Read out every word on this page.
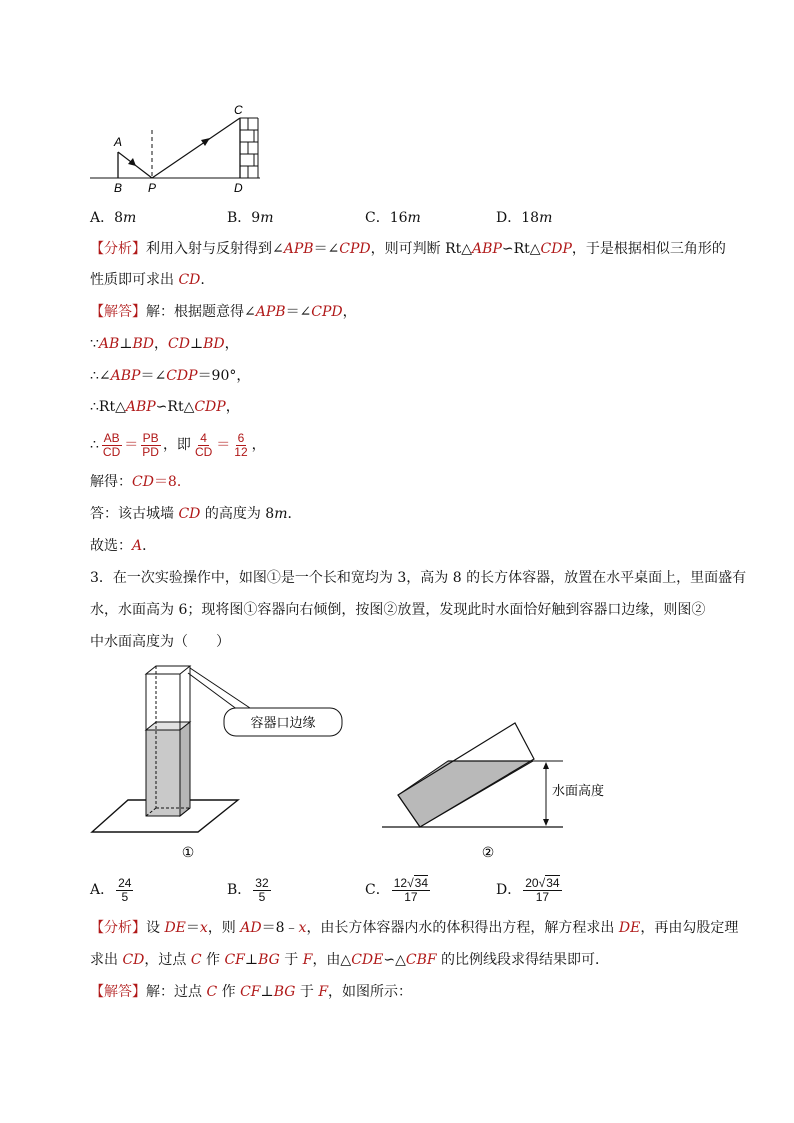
A
B P
C
D
A．8m	B．9m	C．16m	D．18m
【分析】利用入射与反射得到∠APB＝∠CPD，则可判断 Rt△ABP∽Rt△CDP，于是根据相似三角形的
性质即可求出 CD.
【解答】解：根据题意得∠APB＝∠CPD，
∵AB⊥BD，CD⊥BD，
∴∠ABP＝∠CDP＝90°，
∴Rt△ABP∽Rt△CDP，
∴ $\frac{AB}{CD} = \frac{PB}{PD}$ ，即 $\frac{4}{CD} = \frac{6}{12}$ ，
解得：CD＝8．
答：该古城墙 CD 的高度为 8m．
故选：A．
3．在一次实验操作中，如图①是一个长和宽均为 3，高为 8 的长方体容器，放置在水平桌面上，里面盛有
水，水面高为 6；现将图①容器向右倾倒，按图②放置，发现此时水面恰好触到容器口边缘，则图②
中水面高度为（　　）
容器口边缘
①
水面高度
②
A． $\frac{24}{5}$	B． $\frac{32}{5}$	C． $\frac{12√34}{17}$	D． $\frac{20√34}{17}$
【分析】设 DE＝x，则 AD＝8﹣x，由长方体容器内水的体积得出方程，解方程求出 DE，再由勾股定理
求出 CD，过点 C 作 CF⊥BG 于 F，由△CDE∽△CBF 的比例线段求得结果即可．
【解答】解：过点 C 作 CF⊥BG 于 F，如图所示：
